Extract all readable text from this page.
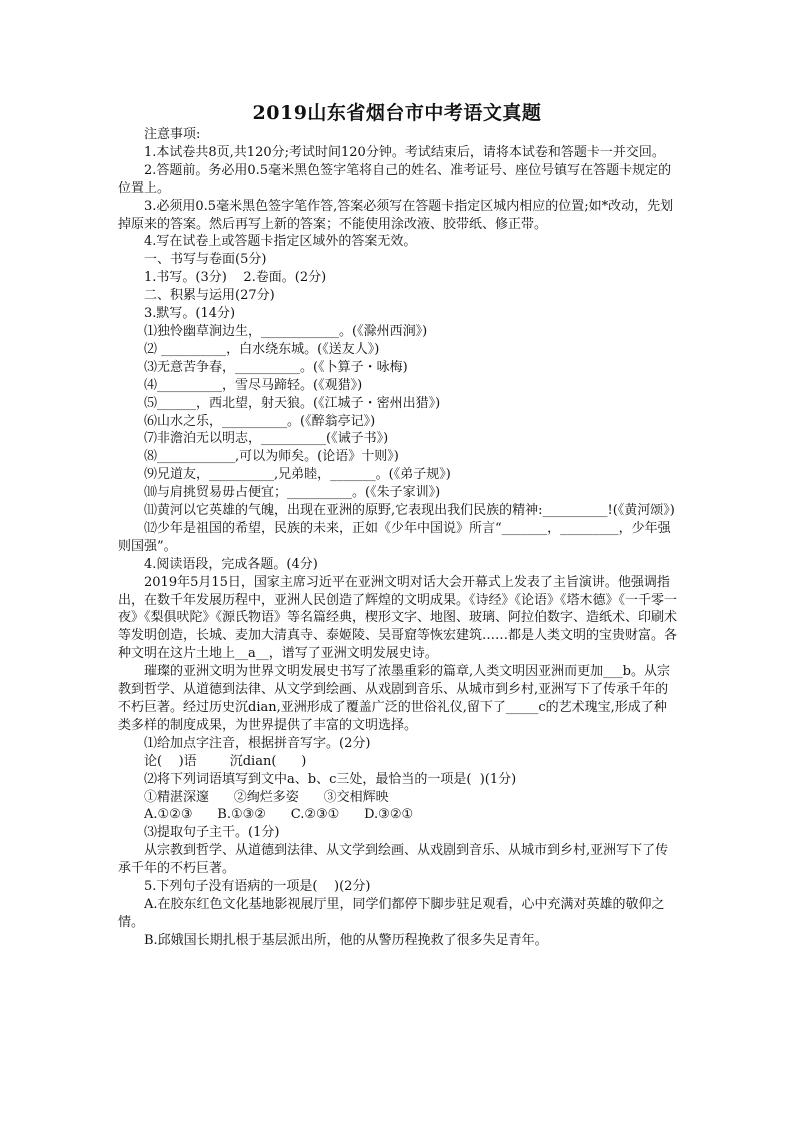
2019山东省烟台市中考语文真题

注意事项:

1.本试卷共8页,共120分;考试时间120分钟。考试结束后，请将本试卷和答题卡一并交回。

2.答题前。务必用0.5毫米黑色签字笔将自己的姓名、准考证号、座位号镇写在答题卡规定的位置上。

3.必须用0.5毫米黑色签字笔作答,答案必须写在答题卡指定区城内相应的位置;如*改动，先划掉原来的答案。然后再写上新的答案；不能使用涂改液、胶带纸、修正带。

4.写在试卷上或答题卡指定区域外的答案无效。

一、书写与卷面(5分)

1.书写。(3分)    2.卷面。(2分)

二、积累与运用(27分)

3.默写。(14分)

⑴独怜幽草涧边生，____________。(《滁州西涧》)

⑵ __________，白水绕东城。(《送友人》)

⑶无意苦争春，__________。(《卜算子・咏梅)

⑷__________，雪尽马蹄轻。(《观猎》)

⑸______，西北望，射天狼。(《江城子・密州出猎》)

⑹山水之乐，__________。(《醉翁亭记》)

⑺非澹泊无以明志，__________(《诫子书》)

⑻____________,可以为师矣。(论语》十则》)

⑼兄道友，__________,兄弟睦，_______。(《弟子规》)

⑽与肩挑贸易毋占便宜；__________。(《朱子家训》)

⑾黄河以它英雄的气魄，出现在亚洲的原野,它表现出我们民族的精神:__________!(《黄河颂》)

⑿少年是祖国的希望，民族的未来，正如《少年中国说》所言“_______，_________，少年强则国强”。

4.阅读语段，完成各题。(4分)

2019年5月15日，国家主席习近平在亚洲文明对话大会开幕式上发表了主旨演讲。他强调指出，在数千年发展历程中，亚洲人民创造了辉煌的文明成果。《诗经》《论语》《塔木德》《一千零一夜》《梨俱吠陀》《源氏物语》等名篇经典，楔形文字、地图、玻璃、阿拉伯数字、造纸术、印刷术等发明创造，长城、麦加大清真寺、泰姬陵、吴哥窟等恢宏建筑……都是人类文明的宝贵财富。各种文明在这片土地上__a__，谱写了亚洲文明发展史诗。

璀璨的亚洲文明为世界文明发展史书写了浓墨重彩的篇章,人类文明因亚洲而更加___b。从宗教到哲学、从道德到法律、从文学到绘画、从戏剧到音乐、从城市到乡村,亚洲写下了传承千年的不朽巨著。经过历史沉dian,亚洲形成了覆盖广泛的世俗礼仪,留下了_____c的艺术瑰宝,形成了种类多样的制度成果，为世界提供了丰富的文明选择。

⑴给加点字注音，根据拼音写字。(2分)

论(    )语        沉dian(      )

⑵将下列词语填写到文中a、b、c三处，最恰当的一项是(  )(1分)

①精湛深邃      ②绚烂多姿      ③交相辉映

A.①②③      B.①③②      C.②③①      D.③②①

⑶提取句子主干。(1分)

从宗教到哲学、从道德到法律、从文学到绘画、从戏剧到音乐、从城市到乡村,亚洲写下了传承千年的不朽巨著。

5.下列句子没有语病的一项是(    )(2分)

A.在胶东红色文化基地影视展厅里，同学们都停下脚步驻足观看，心中充满对英雄的敬仰之情。

B.邱娥国长期扎根于基层派出所，他的从警历程挽救了很多失足青年。
